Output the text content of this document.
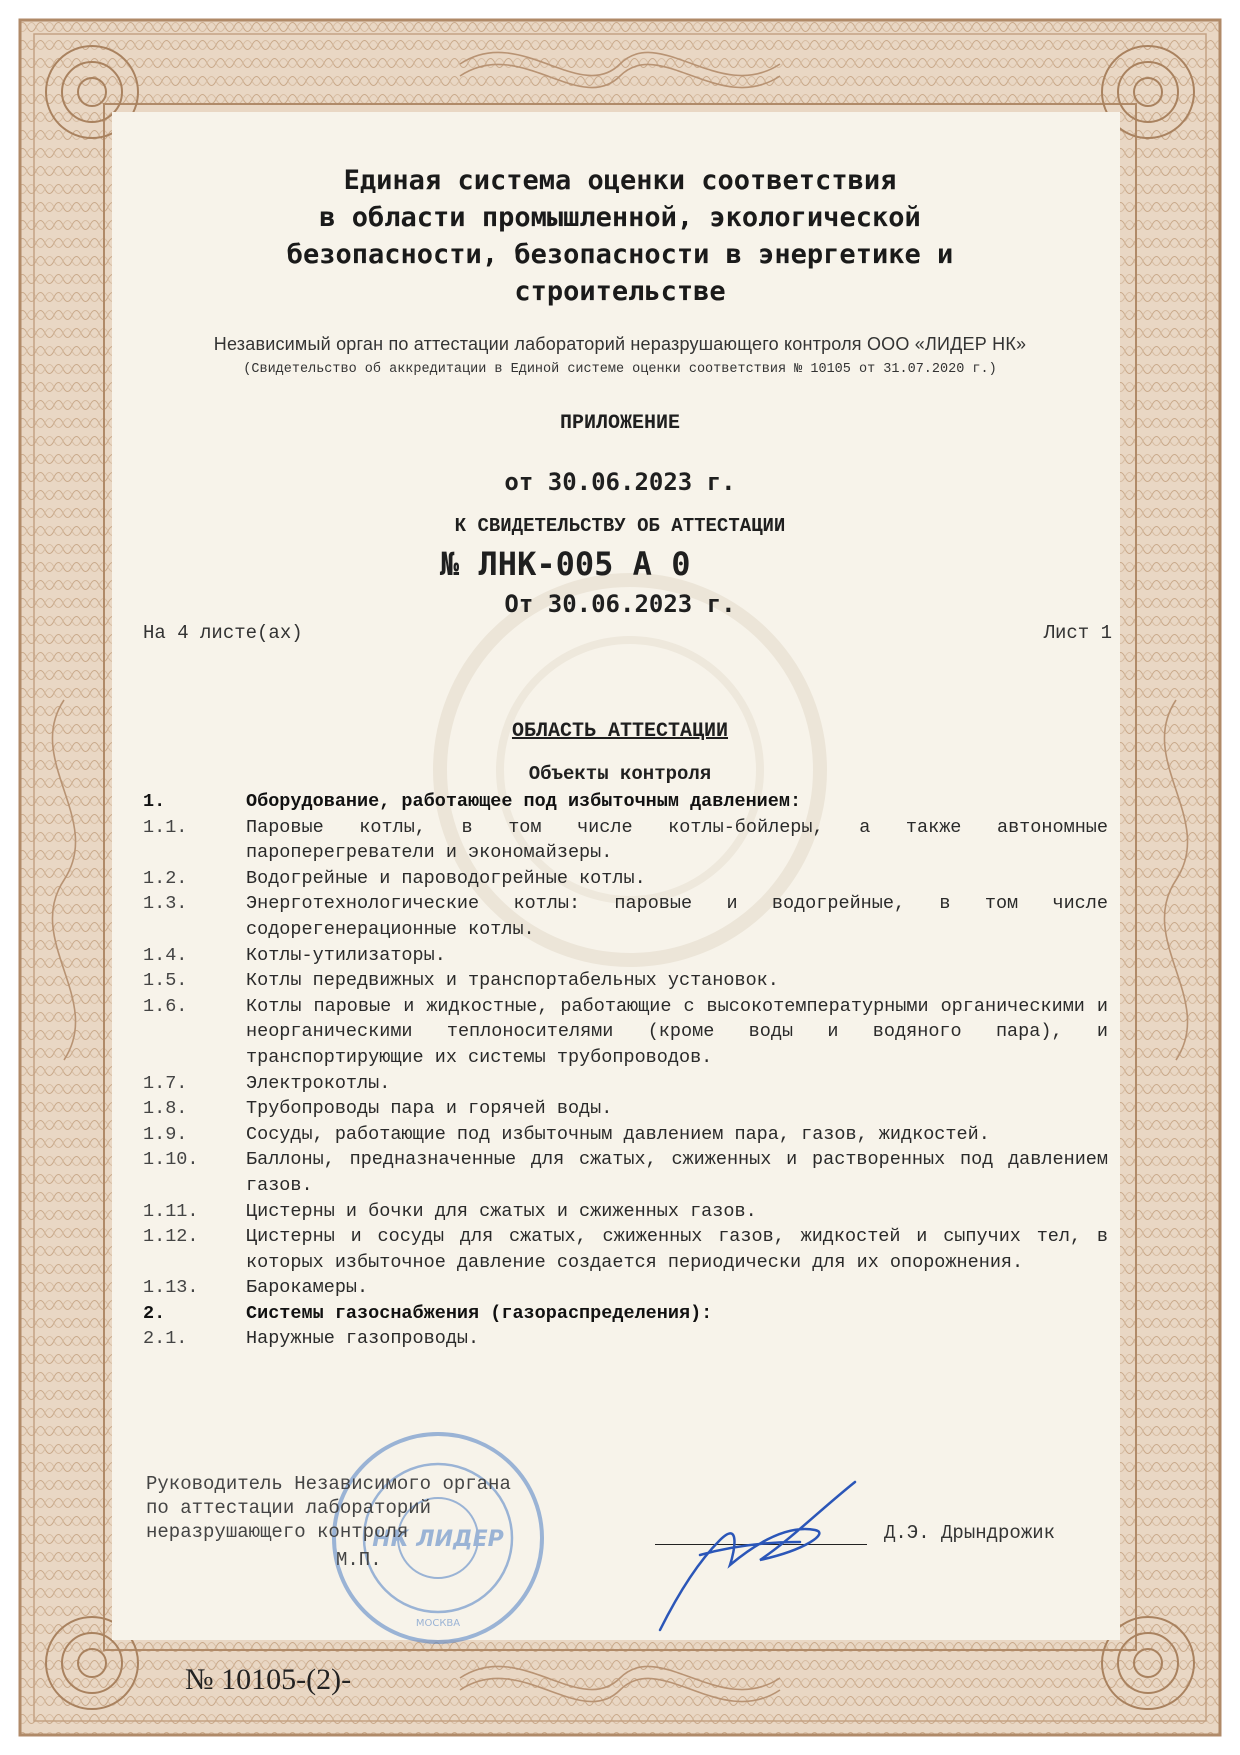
Единая система оценки соответствия
в области промышленной, экологической
безопасности, безопасности в энергетике и
строительстве
Независимый орган по аттестации лабораторий неразрушающего контроля ООО «ЛИДЕР НК»
(Свидетельство об аккредитации в Единой системе оценки соответствия № 10105 от 31.07.2020 г.)
ПРИЛОЖЕНИЕ
от 30.06.2023 г.
К СВИДЕТЕЛЬСТВУ ОБ АТТЕСТАЦИИ
№ ЛНК-005 А 0
От 30.06.2023 г.
На 4 листе(ах)	Лист 1
ОБЛАСТЬ АТТЕСТАЦИИ
Объекты контроля
1.	Оборудование, работающее под избыточным давлением:
1.1.	Паровые котлы, в том числе котлы-бойлеры, а также автономные пароперегреватели и экономайзеры.
1.2.	Водогрейные и пароводогрейные котлы.
1.3.	Энерготехнологические котлы: паровые и водогрейные, в том числе содорегенерационные котлы.
1.4.	Котлы-утилизаторы.
1.5.	Котлы передвижных и транспортабельных установок.
1.6.	Котлы паровые и жидкостные, работающие с высокотемпературными органическими и неорганическими теплоносителями (кроме воды и водяного пара), и транспортирующие их системы трубопроводов.
1.7.	Электрокотлы.
1.8.	Трубопроводы пара и горячей воды.
1.9.	Сосуды, работающие под избыточным давлением пара, газов, жидкостей.
1.10.	Баллоны, предназначенные для сжатых, сжиженных и растворенных под давлением газов.
1.11.	Цистерны и бочки для сжатых и сжиженных газов.
1.12.	Цистерны и сосуды для сжатых, сжиженных газов, жидкостей и сыпучих тел, в которых избыточное давление создается периодически для их опорожнения.
1.13.	Барокамеры.
2.	Системы газоснабжения (газораспределения):
2.1.	Наружные газопроводы.
НК ЛИДЕР
МОСКВА
Руководитель Независимого органа
по аттестации лабораторий
неразрушающего контроля
М.П.
Д.Э. Дрындрожик
№ 10105-(2)-
